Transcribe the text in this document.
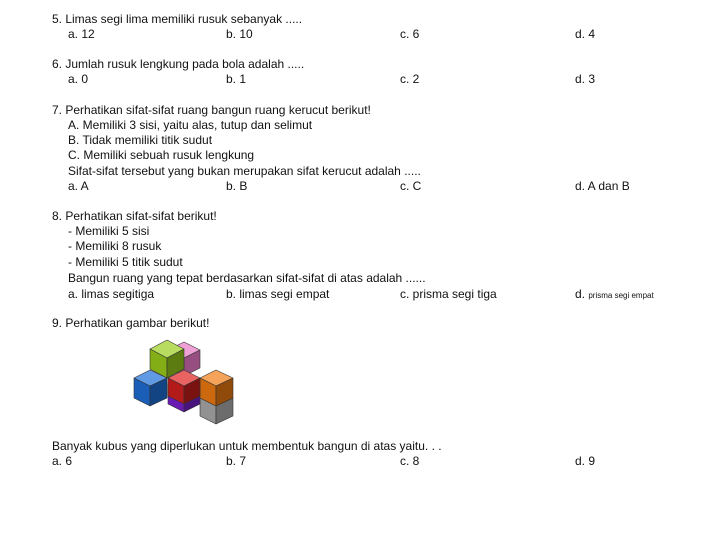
5. Limas segi lima memiliki rusuk sebanyak .....
a. 12	b. 10	c. 6	d. 4
6. Jumlah rusuk lengkung pada bola adalah .....
a. 0	b. 1	c. 2	d. 3
7. Perhatikan sifat-sifat ruang bangun ruang kerucut berikut!
A. Memiliki 3 sisi, yaitu alas, tutup dan selimut
B. Tidak memiliki titik sudut
C. Memiliki sebuah rusuk lengkung
Sifat-sifat tersebut yang bukan merupakan sifat kerucut adalah .....
a. A	b. B	c. C	d. A dan B
8. Perhatikan sifat-sifat berikut!
- Memiliki 5 sisi
- Memiliki 8 rusuk
- Memiliki 5 titik sudut
Bangun ruang yang tepat berdasarkan sifat-sifat di atas adalah ......
a. limas segitiga	b. limas segi empat	c. prisma segi tiga	d. prisma segi empat
9. Perhatikan gambar berikut!
Banyak kubus yang diperlukan untuk membentuk bangun di atas yaitu. . .
a. 6	b. 7	c. 8	d. 9
